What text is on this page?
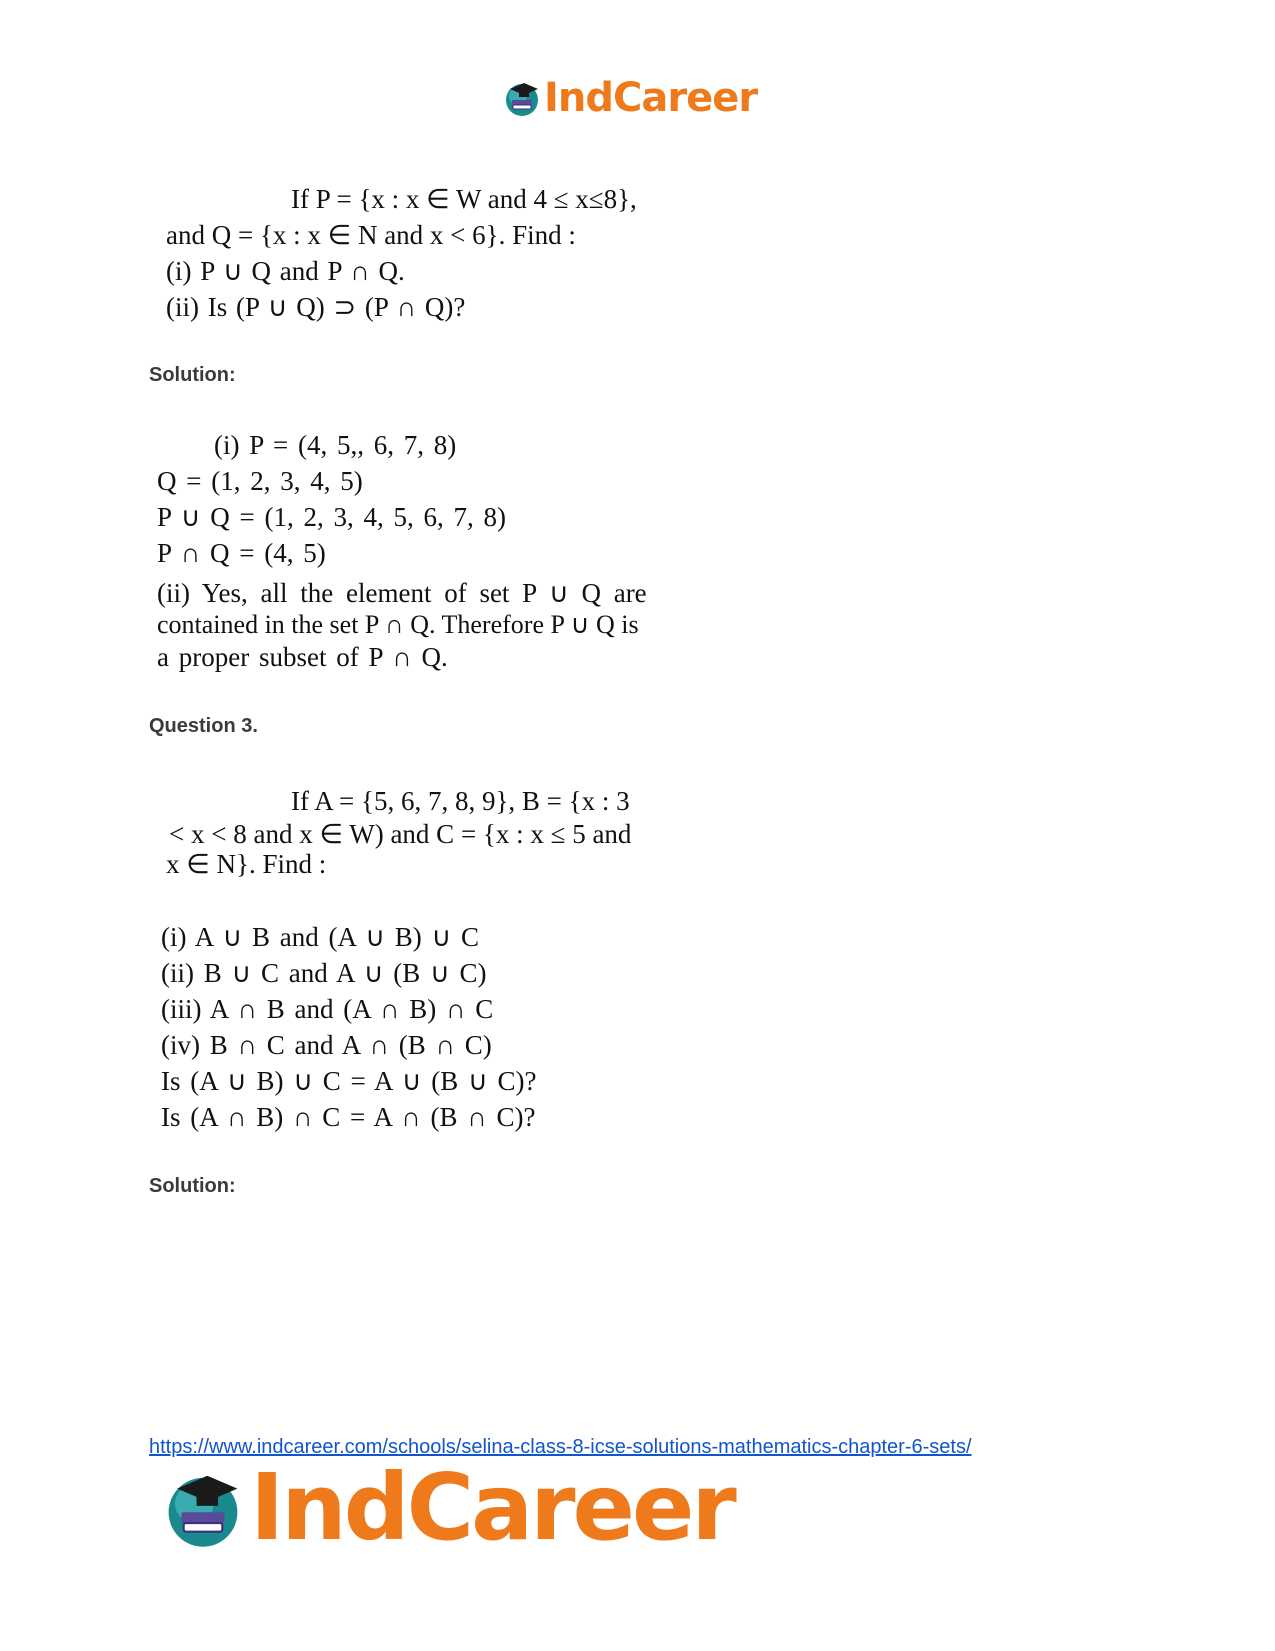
IndCareer
If P = {x : x ∈ W and 4 ≤ x≤8},
and Q = {x : x ∈ N and x < 6}. Find :
(i) P ∪ Q and P ∩ Q.
(ii) Is (P ∪ Q) ⊃ (P ∩ Q)?
Solution:
(i) P = (4, 5,, 6, 7, 8)
Q = (1, 2, 3, 4, 5)
P ∪ Q = (1, 2, 3, 4, 5, 6, 7, 8)
P ∩ Q = (4, 5)
(ii) Yes, all the element of set P ∪ Q are
contained in the set P ∩ Q. Therefore P ∪ Q is
a proper subset of P ∩ Q.
Question 3.
If A = {5, 6, 7, 8, 9}, B = {x : 3
< x < 8 and x ∈ W) and C = {x : x ≤ 5 and
x ∈ N}. Find :
(i) A ∪ B and (A ∪ B) ∪ C
(ii) B ∪ C and A ∪ (B ∪ C)
(iii) A ∩ B and (A ∩ B) ∩ C
(iv) B ∩ C and A ∩ (B ∩ C)
Is (A ∪ B) ∪ C = A ∪ (B ∪ C)?
Is (A ∩ B) ∩ C = A ∩ (B ∩ C)?
Solution:
https://www.indcareer.com/schools/selina-class-8-icse-solutions-mathematics-chapter-6-sets/
IndCareer
